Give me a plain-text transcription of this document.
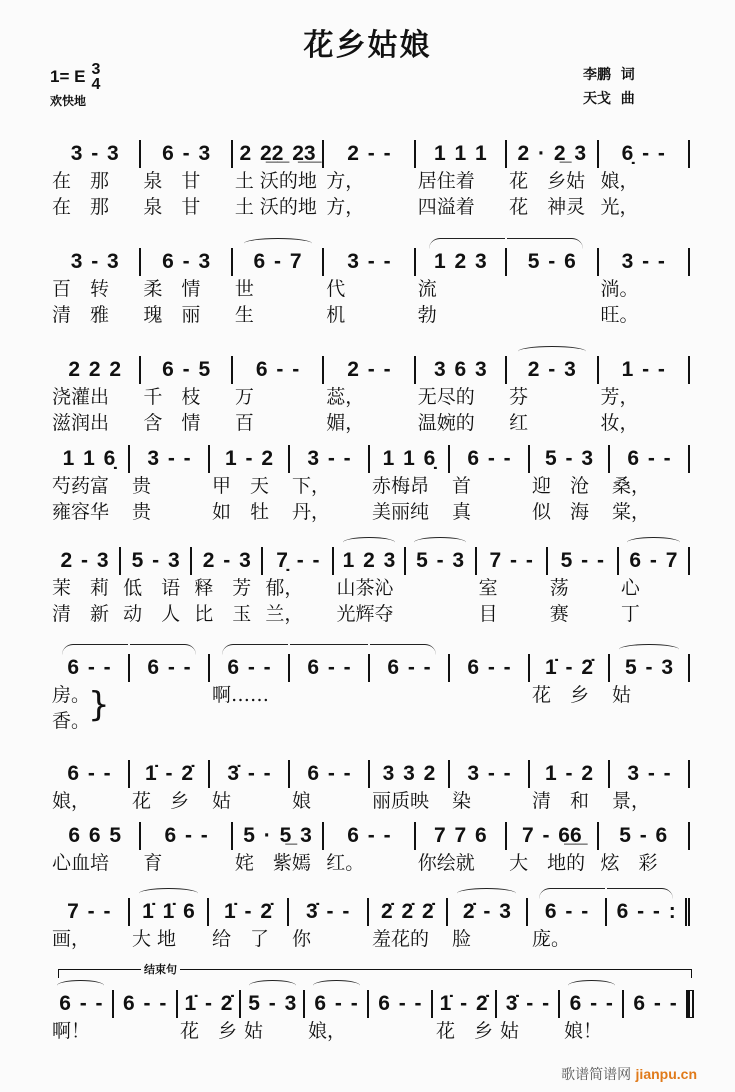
花乡姑娘
1= E 3
4
欢快地
李鹏  词
天戈  曲
3 - 3 6 - 3 2 2̲2̲ 2̲3̲ 2 - - 1 1 1 2 · 2̲ 3 6̣ - -
在　那	泉　甘	土 沃的地 方，	居住着	花　乡姑 娘，
在　那	泉　甘	土 沃的地 方，	四溢着	花　神灵 光，
3 - 3 6 - 3 6 - 7 3 - - 1 2 3 5 - 6 3 - -
百　转	柔　情	世	代	流	淌。
清　雅	瑰　丽	生	机	勃	旺。
2 2 2 6 - 5 6 - - 2 - - 3 6 3 2 - 3 1 - -
浇灌出	千　枝	万	蕊，	无尽的	芬	芳，
滋润出	含　情	百	媚，	温婉的	红	妆，
1 1 6̣ 3 - - 1 - 2 3 - - 1 1 6̣ 6 - - 5 - 3 6 - -
芍药富	贵	甲　天	下，	赤梅昂	首	迎　沧	桑，
雍容华	贵	如　牡	丹，	美丽纯	真	似　海	棠，
2 - 3 5 - 3 2 - 3 7̣ - - 1 2 3 5 - 3 7 - - 5 - - 6 - 7
茉　莉 低　语 释　芳 郁，	山茶沁	室	荡	心
清　新 动　人 比　玉 兰，	光辉夺	目	赛	丁
6 - - 6 - - 6 - - 6 - - 6 - - 6 - - 1̇ - 2̇ 5 - 3
房。	啊……	花　乡	姑
香。
6 - - 1̇ - 2̇ 3̇ - - 6 - - 3 3 2 3 - - 1 - 2 3 - -
娘，	花　乡	姑	娘	丽质映	染	清　和	景，
6 6 5 6 - - 5 · 5̲ 3 6 - - 7 7 6 7 - 6̲6̲ 5 - 6
心血培	育	姹　紫嫣 红。	你绘就	大　地的 炫　彩
7 - - 1̇ 1̇ 6 1̇ - 2̇ 3̇ - - 2̇ 2̇ 2̇ 2̇ - 3 6 - - 6 - - :
画，	大 地	给　了	你	羞花的	脸	庞。
6 - - 6 - - 1̇ - 2̇ 5 - 3 6 - - 6 - - 1̇ - 2̇ 3̇ - - 6 - - 6 - -
啊！	花　乡 姑	娘，	花　乡 姑	娘！
}
结束句
歌谱简谱网 jianpu.cn
